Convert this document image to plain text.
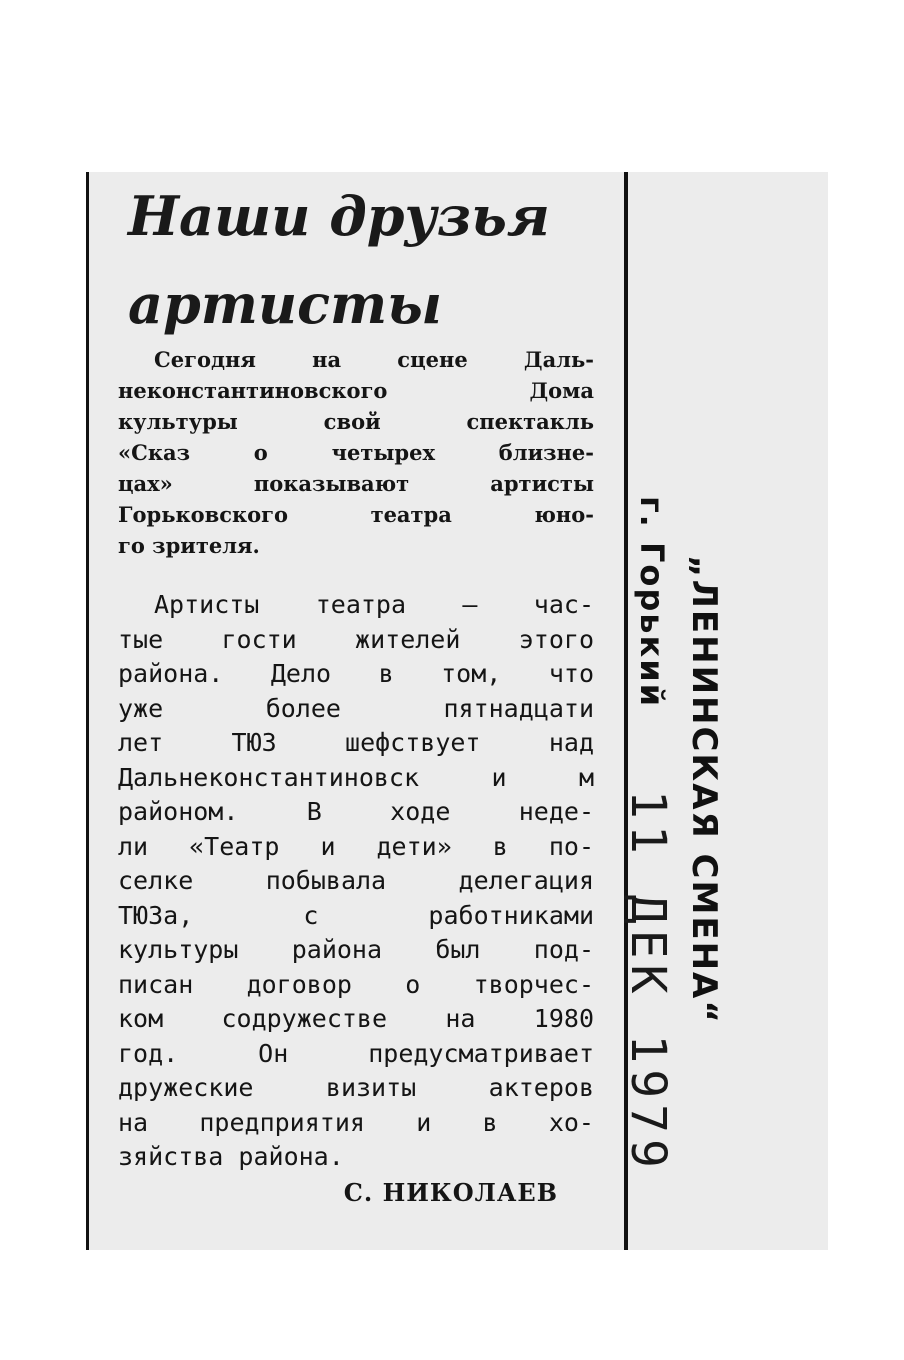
Наши друзья
артисты
Сегодня на сцене Даль-
неконстантиновского Дома
культуры свой спектакль
«Сказ о четырех близне-
цах» показывают артисты
Горьковского театра юно-
го зрителя.
Артисты театра — час-
тые гости жителей этого
района. Дело в том, что
уже более пятнадцати
лет ТЮЗ шефствует над
Дальнеконстантиновск и м
районом. В ходе неде-
ли «Театр и дети» в по-
селке побывала делегация
ТЮЗа, с работниками
культуры района был под-
писан договор о творчес-
ком содружестве на 1980
год. Он предусматривает
дружеские визиты актеров
на предприятия и в хо-
зяйства района.
С. НИКОЛАЕВ
„ЛЕНИНСКАЯ СМЕНА“
г. Горький
11 ДЕК 1979
